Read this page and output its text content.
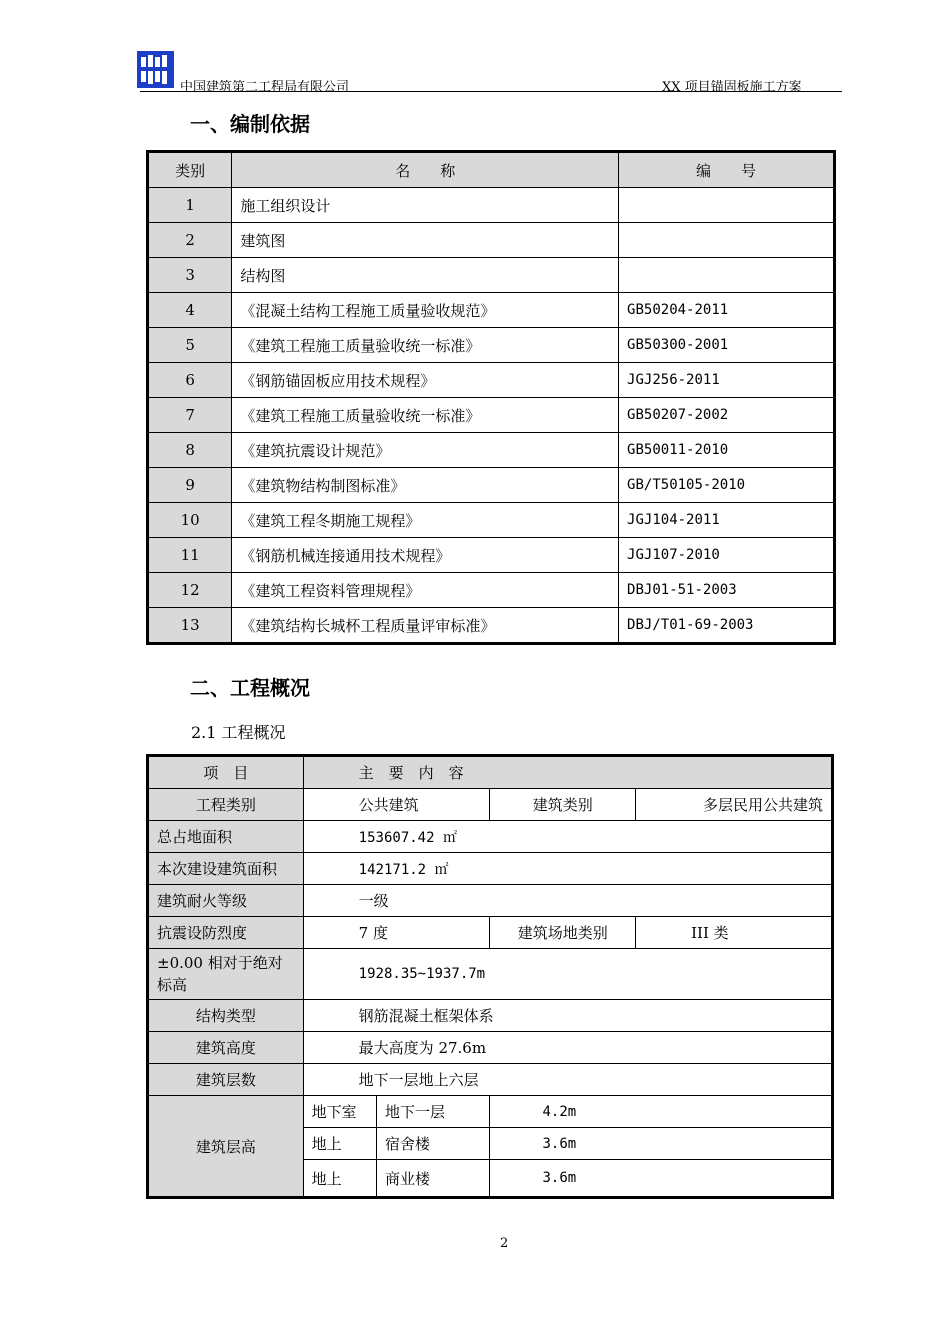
中国建筑第二工程局有限公司	XX 项目锚固板施工方案
一、编制依据
类别	名　　称	编　　号
1	施工组织设计	
2	建筑图	
3	结构图	
4	《混凝土结构工程施工质量验收规范》	GB50204-2011
5	《建筑工程施工质量验收统一标准》	GB50300-2001
6	《钢筋锚固板应用技术规程》	JGJ256-2011
7	《建筑工程施工质量验收统一标准》	GB50207-2002
8	《建筑抗震设计规范》	GB50011-2010
9	《建筑物结构制图标准》	GB/T50105-2010
10	《建筑工程冬期施工规程》	JGJ104-2011
11	《钢筋机械连接通用技术规程》	JGJ107-2010
12	《建筑工程资料管理规程》	DBJ01-51-2003
13	《建筑结构长城杯工程质量评审标准》	DBJ/T01-69-2003
二、工程概况
2.1 工程概况
项　目	主　要　内　容			
工程类别	公共建筑		建筑类别	多层民用公共建筑
总占地面积	153607.42 ㎡			
本次建设建筑面积	142171.2 ㎡			
建筑耐火等级	一级			
抗震设防烈度	7 度		建筑场地类别	III 类
±0.00 相对于绝对标高	1928.35~1937.7m			
结构类型	钢筋混凝土框架体系			
建筑高度	最大高度为 27.6m			
建筑层数	地下一层地上六层			
建筑层高	地下室	地下一层	4.2m	
	地上	宿舍楼	3.6m	
	地上	商业楼	3.6m	
2
